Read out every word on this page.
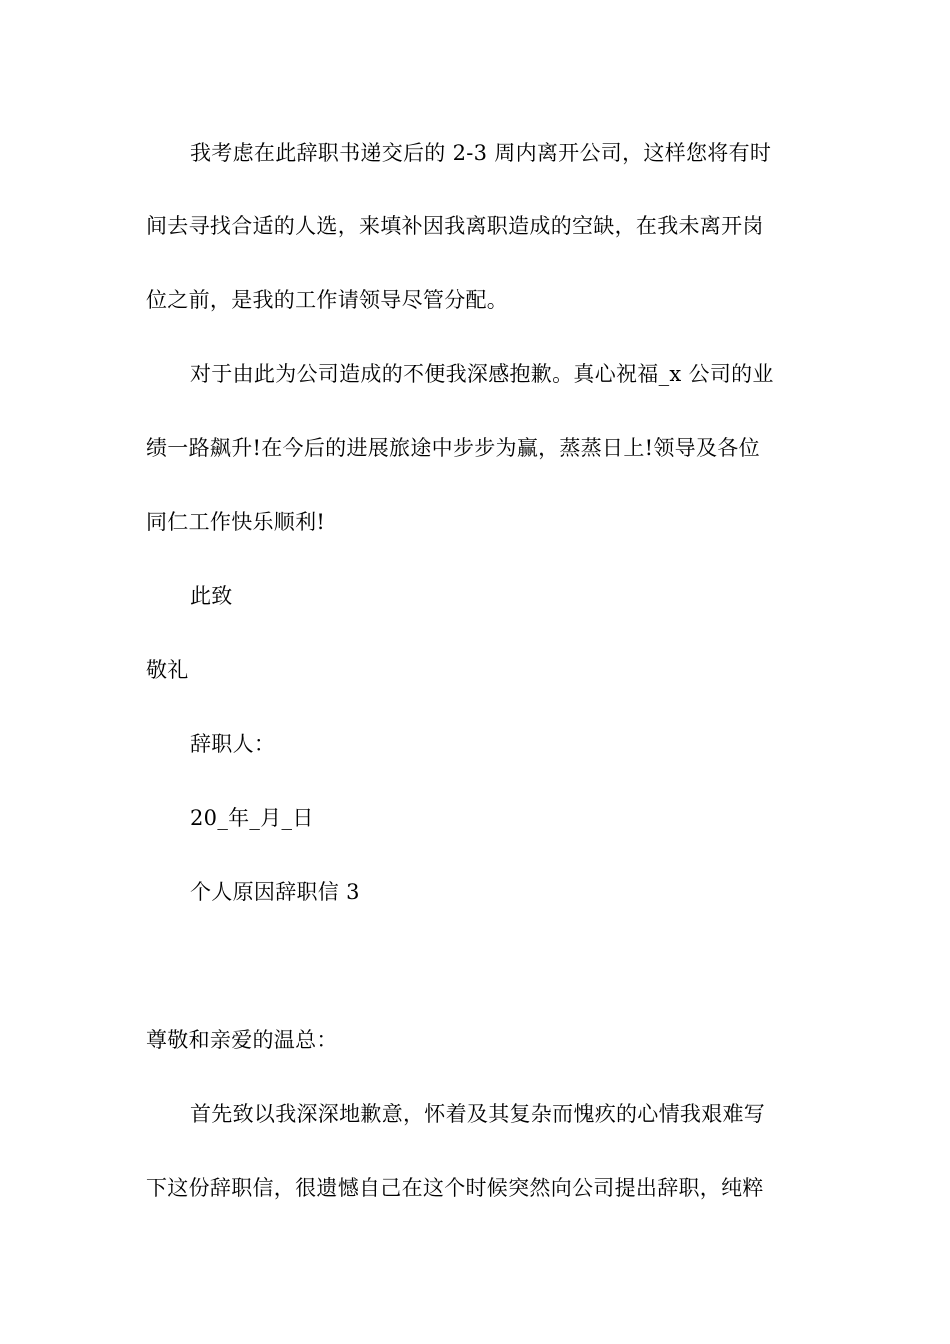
我考虑在此辞职书递交后的 2-3 周内离开公司，这样您将有时
间去寻找合适的人选，来填补因我离职造成的空缺，在我未离开岗
位之前，是我的工作请领导尽管分配。
对于由此为公司造成的不便我深感抱歉。真心祝福_x 公司的业
绩一路飙升!在今后的进展旅途中步步为赢，蒸蒸日上!领导及各位
同仁工作快乐顺利!
此致
敬礼
辞职人：
20_年_月_日
个人原因辞职信 3
尊敬和亲爱的温总：
首先致以我深深地歉意，怀着及其复杂而愧疚的心情我艰难写
下这份辞职信，很遗憾自己在这个时候突然向公司提出辞职，纯粹
